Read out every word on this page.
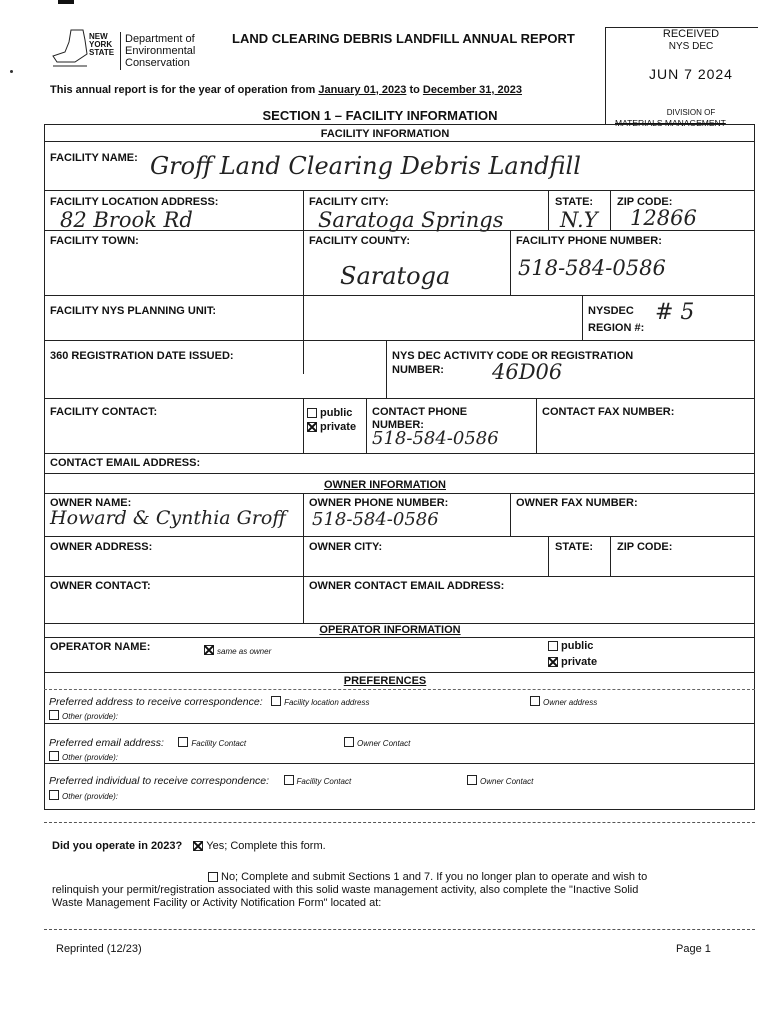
NEW
YORK
STATE
Department of
Environmental
Conservation
LAND CLEARING DEBRIS LANDFILL ANNUAL REPORT
This annual report is for the year of operation from January 01, 2023 to December 31, 2023
RECEIVED
NYS DEC
JUN 7 2024
DIVISION OF
MATERIALS MANAGEMENT
SECTION 1 – FACILITY INFORMATION
FACILITY INFORMATION
FACILITY NAME: Groff Land Clearing Debris Landfill
FACILITY LOCATION ADDRESS:
82 Brook Rd
FACILITY CITY:
Saratoga Springs
STATE:
N.Y
ZIP CODE:
12866
FACILITY TOWN:	FACILITY COUNTY:
Saratoga
FACILITY PHONE NUMBER:
518-584-0586
FACILITY NYS PLANNING UNIT:	NYSDEC
REGION #:
# 5
360 REGISTRATION DATE ISSUED:	NYS DEC ACTIVITY CODE OR REGISTRATION
NUMBER: 46D06
FACILITY CONTACT:	public
private
CONTACT PHONE
NUMBER:
518-584-0586
CONTACT FAX NUMBER:
CONTACT EMAIL ADDRESS:
OWNER INFORMATION
OWNER NAME:
Howard & Cynthia Groff
OWNER PHONE NUMBER:
518-584-0586
OWNER FAX NUMBER:
OWNER ADDRESS:	OWNER CITY:	STATE: ZIP CODE:
OWNER CONTACT:	OWNER CONTACT EMAIL ADDRESS:
OPERATOR INFORMATION
OPERATOR NAME:	same as owner	public
private
PREFERENCES
Preferred address to receive correspondence:	Facility location address	Owner address
Other (provide):
Preferred email address:	Facility Contact	Owner Contact
Other (provide):
Preferred individual to receive correspondence:	Facility Contact	Owner Contact
Other (provide):
Did you operate in 2023? Yes; Complete this form.
No; Complete and submit Sections 1 and 7. If you no longer plan to operate and wish to
relinquish your permit/registration associated with this solid waste management activity, also complete the "Inactive Solid
Waste Management Facility or Activity Notification Form" located at:
Reprinted (12/23)	Page 1
